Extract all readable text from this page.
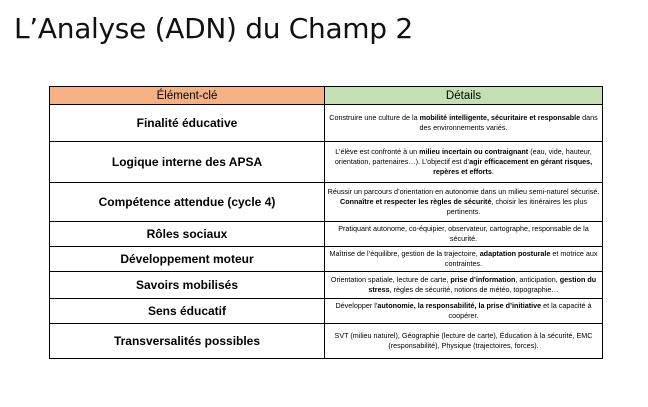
L’Analyse (ADN) du Champ 2
Élément-clé	Détails
Finalité éducative	Construire une culture de la mobilité intelligente, sécuritaire et responsable dans des environnements variés.
Logique interne des APSA	L’élève est confronté à un milieu incertain ou contraignant (eau, vide, hauteur, orientation, partenaires…). L’objectif est d’agir efficacement en gérant risques, repères et efforts.
Compétence attendue (cycle 4)	Réussir un parcours d’orientation en autonomie dans un milieu semi-naturel sécurisé. Connaître et respecter les règles de sécurité, choisir les itinéraires les plus pertinents.
Rôles sociaux	Pratiquant autonome, co-équipier, observateur, cartographe, responsable de la sécurité.
Développement moteur	Maîtrise de l’équilibre, gestion de la trajectoire, adaptation posturale et motrice aux contraintes.
Savoirs mobilisés	Orientation spatiale, lecture de carte, prise d’information, anticipation, gestion du stress, règles de sécurité, notions de météo, topographie…
Sens éducatif	Développer l’autonomie, la responsabilité, la prise d’initiative et la capacité à coopérer.
Transversalités possibles	SVT (milieu naturel), Géographie (lecture de carte), Éducation à la sécurité, EMC (responsabilité), Physique (trajectoires, forces).
